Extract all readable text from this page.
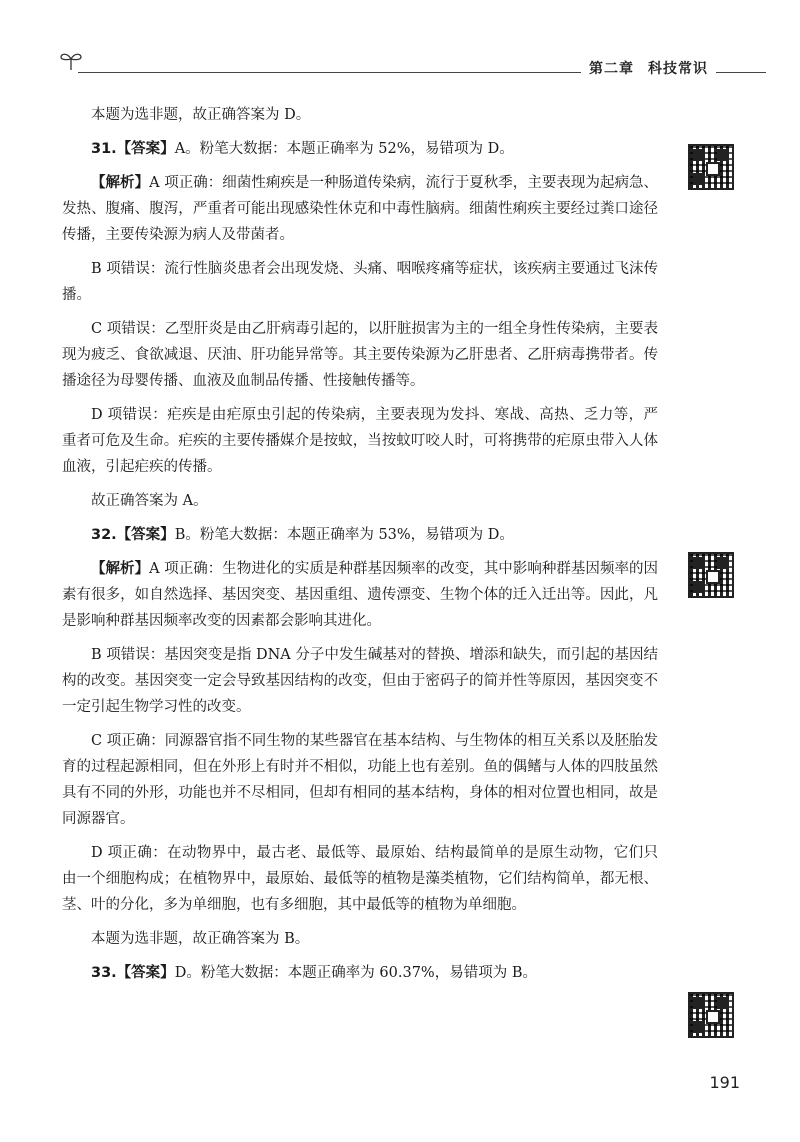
第二章 科技常识

本题为选非题，故正确答案为 D。

31.【答案】A。粉笔大数据：本题正确率为 52%，易错项为 D。

【解析】A 项正确：细菌性痢疾是一种肠道传染病，流行于夏秋季，主要表现为起病急、发热、腹痛、腹泻，严重者可能出现感染性休克和中毒性脑病。细菌性痢疾主要经过粪口途径传播，主要传染源为病人及带菌者。

B 项错误：流行性脑炎患者会出现发烧、头痛、咽喉疼痛等症状，该疾病主要通过飞沫传播。

C 项错误：乙型肝炎是由乙肝病毒引起的，以肝脏损害为主的一组全身性传染病，主要表现为疲乏、食欲减退、厌油、肝功能异常等。其主要传染源为乙肝患者、乙肝病毒携带者。传播途径为母婴传播、血液及血制品传播、性接触传播等。

D 项错误：疟疾是由疟原虫引起的传染病，主要表现为发抖、寒战、高热、乏力等，严重者可危及生命。疟疾的主要传播媒介是按蚊，当按蚊叮咬人时，可将携带的疟原虫带入人体血液，引起疟疾的传播。

故正确答案为 A。

32.【答案】B。粉笔大数据：本题正确率为 53%，易错项为 D。

【解析】A 项正确：生物进化的实质是种群基因频率的改变，其中影响种群基因频率的因素有很多，如自然选择、基因突变、基因重组、遗传漂变、生物个体的迁入迁出等。因此，凡是影响种群基因频率改变的因素都会影响其进化。

B 项错误：基因突变是指 DNA 分子中发生碱基对的替换、增添和缺失，而引起的基因结构的改变。基因突变一定会导致基因结构的改变，但由于密码子的简并性等原因，基因突变不一定引起生物学习性的改变。

C 项正确：同源器官指不同生物的某些器官在基本结构、与生物体的相互关系以及胚胎发育的过程起源相同，但在外形上有时并不相似，功能上也有差别。鱼的偶鳍与人体的四肢虽然具有不同的外形，功能也并不尽相同，但却有相同的基本结构，身体的相对位置也相同，故是同源器官。

D 项正确：在动物界中，最古老、最低等、最原始、结构最简单的是原生动物，它们只由一个细胞构成；在植物界中，最原始、最低等的植物是藻类植物，它们结构简单，都无根、茎、叶的分化，多为单细胞，也有多细胞，其中最低等的植物为单细胞。

本题为选非题，故正确答案为 B。

33.【答案】D。粉笔大数据：本题正确率为 60.37%，易错项为 B。

191
